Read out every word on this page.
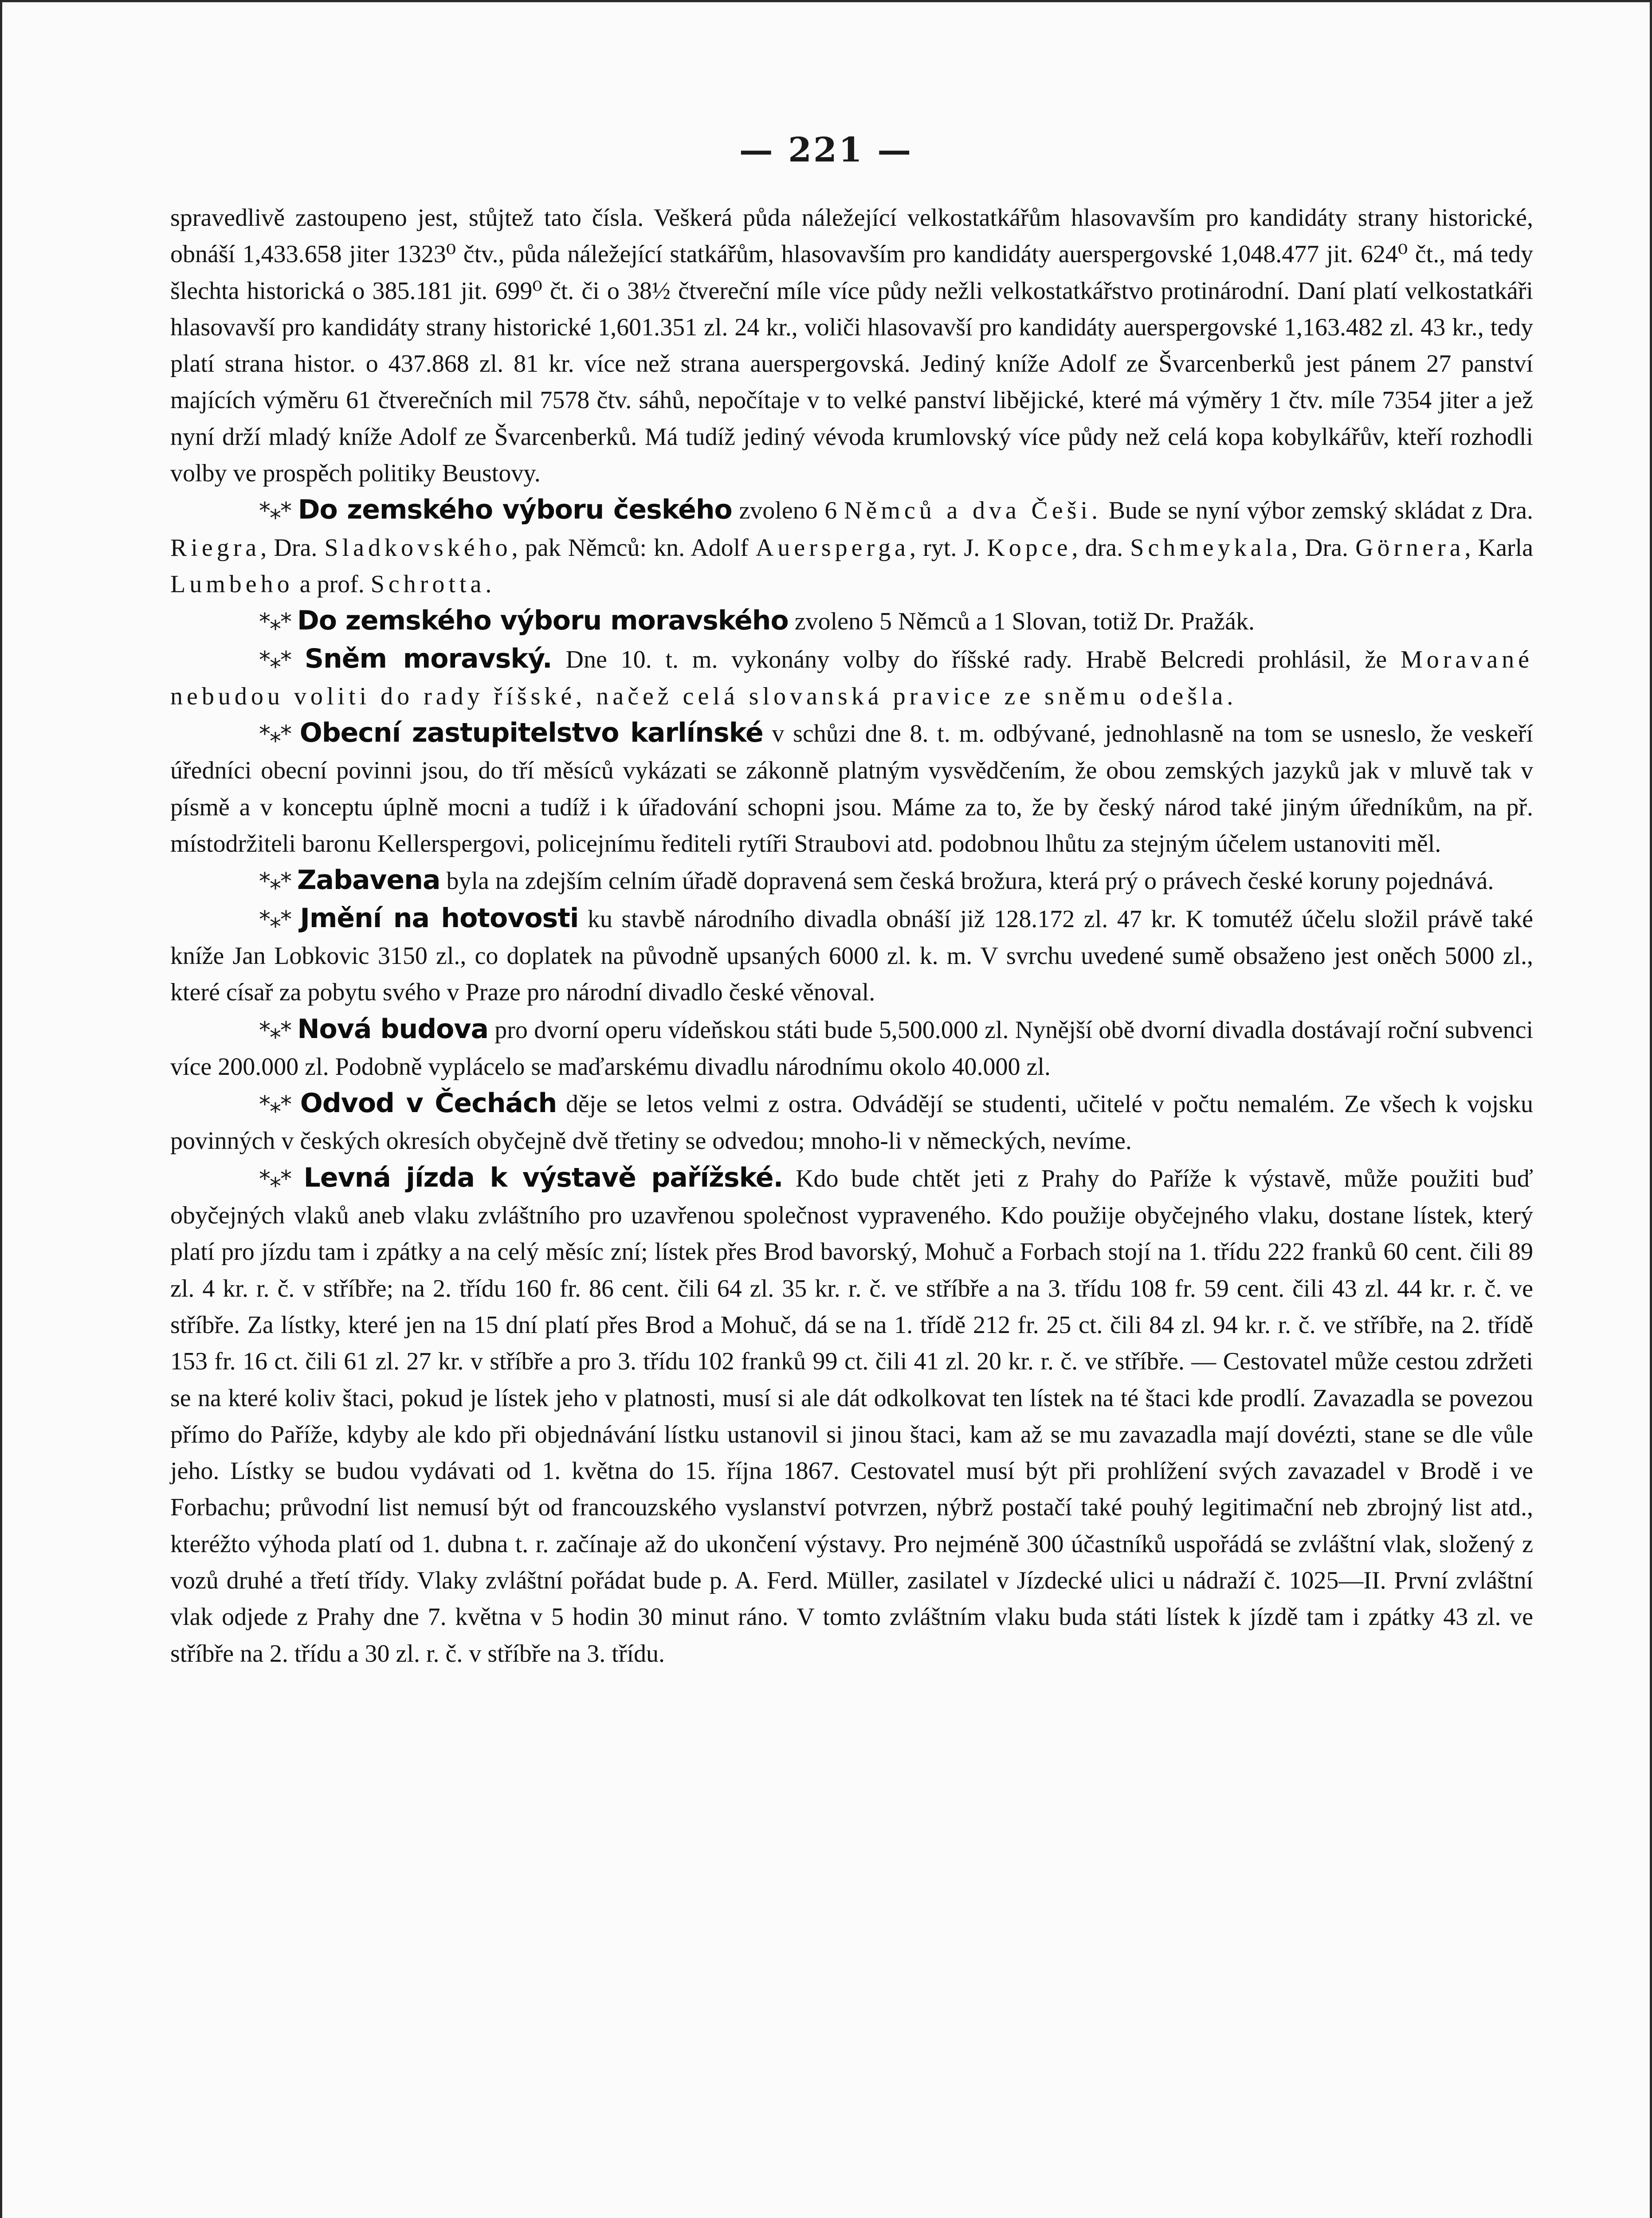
— 221 —

spravedlivě zastoupeno jest, stůjtež tato čísla. Veškerá půda náležející velkostatkářům hlasovavším pro kandidáty strany historické, obnáší 1,433.658 jiter 1323⁰ čtv., půda náležející statkářům, hlasovavším pro kandidáty auerspergovské 1,048.477 jit. 624⁰ čt., má tedy šlechta historická o 385.181 jit. 699⁰ čt. či o 38½ čtvereční míle více půdy nežli velkostatkářstvo protinárodní. Daní platí velkostatkáři hlasovavší pro kandidáty strany historické 1,601.351 zl. 24 kr., voliči hlasovavší pro kandidáty auerspergovské 1,163.482 zl. 43 kr., tedy platí strana histor. o 437.868 zl. 81 kr. více než strana auerspergovská. Jediný kníže Adolf ze Švarcenberků jest pánem 27 panství majících výměru 61 čtverečních mil 7578 čtv. sáhů, nepočítaje v to velké panství libějické, které má výměry 1 čtv. míle 7354 jiter a jež nyní drží mladý kníže Adolf ze Švarcenberků. Má tudíž jediný vévoda krumlovský více půdy než celá kopa kobylkářův, kteří rozhodli volby ve prospěch politiky Beustovy.

*⁎* Do zemského výboru českého zvoleno 6 Němců a dva Češi. Bude se nyní výbor zemský skládat z Dra. Riegra, Dra. Sladkovského, pak Němců: kn. Adolf Auersperga, ryt. J. Kopce, dra. Schmeykala, Dra. Görnera, Karla Lumbeho a prof. Schrotta.

*⁎* Do zemského výboru moravského zvoleno 5 Němců a 1 Slovan, totiž Dr. Pražák.

*⁎* Sněm moravský. Dne 10. t. m. vykonány volby do říšské rady. Hrabě Belcredi prohlásil, že Moravané nebudou voliti do rady říšské, načež celá slovanská pravice ze sněmu odešla.

*⁎* Obecní zastupitelstvo karlínské v schůzi dne 8. t. m. odbývané, jednohlasně na tom se usneslo, že veskeří úředníci obecní povinni jsou, do tří měsíců vykázati se zákonně platným vysvědčením, že obou zemských jazyků jak v mluvě tak v písmě a v konceptu úplně mocni a tudíž i k úřadování schopni jsou. Máme za to, že by český národ také jiným úředníkům, na př. místodržiteli baronu Kellerspergovi, policejnímu řediteli rytíři Straubovi atd. podobnou lhůtu za stejným účelem ustanoviti měl.

*⁎* Zabavena byla na zdejším celním úřadě dopravená sem česká brožura, která prý o právech české koruny pojednává.

*⁎* Jmění na hotovosti ku stavbě národního divadla obnáší již 128.172 zl. 47 kr. K tomutéž účelu složil právě také kníže Jan Lobkovic 3150 zl., co doplatek na původně upsaných 6000 zl. k. m. V svrchu uvedené sumě obsaženo jest oněch 5000 zl., které císař za pobytu svého v Praze pro národní divadlo české věnoval.

*⁎* Nová budova pro dvorní operu vídeňskou státi bude 5,500.000 zl. Nynější obě dvorní divadla dostávají roční subvenci více 200.000 zl. Podobně vyplácelo se maďarskému divadlu národnímu okolo 40.000 zl.

*⁎* Odvod v Čechách děje se letos velmi z ostra. Odvádějí se studenti, učitelé v počtu nemalém. Ze všech k vojsku povinných v českých okresích obyčejně dvě třetiny se odvedou; mnoho-li v německých, nevíme.

*⁎* Levná jízda k výstavě pařížské. Kdo bude chtět jeti z Prahy do Paříže k výstavě, může použiti buď obyčejných vlaků aneb vlaku zvláštního pro uzavřenou společnost vypraveného. Kdo použije obyčejného vlaku, dostane lístek, který platí pro jízdu tam i zpátky a na celý měsíc zní; lístek přes Brod bavorský, Mohuč a Forbach stojí na 1. třídu 222 franků 60 cent. čili 89 zl. 4 kr. r. č. v stříbře; na 2. třídu 160 fr. 86 cent. čili 64 zl. 35 kr. r. č. ve stříbře a na 3. třídu 108 fr. 59 cent. čili 43 zl. 44 kr. r. č. ve stříbře. Za lístky, které jen na 15 dní platí přes Brod a Mohuč, dá se na 1. třídě 212 fr. 25 ct. čili 84 zl. 94 kr. r. č. ve stříbře, na 2. třídě 153 fr. 16 ct. čili 61 zl. 27 kr. v stříbře a pro 3. třídu 102 franků 99 ct. čili 41 zl. 20 kr. r. č. ve stříbře. — Cestovatel může cestou zdržeti se na které koliv štaci, pokud je lístek jeho v platnosti, musí si ale dát odkolkovat ten lístek na té štaci kde prodlí. Zavazadla se povezou přímo do Paříže, kdyby ale kdo při objednávání lístku ustanovil si jinou štaci, kam až se mu zavazadla mají dovézti, stane se dle vůle jeho. Lístky se budou vydávati od 1. května do 15. října 1867. Cestovatel musí být při prohlížení svých zavazadel v Brodě i ve Forbachu; průvodní list nemusí být od francouzského vyslanství potvrzen, nýbrž postačí také pouhý legitimační neb zbrojný list atd., kteréžto výhoda platí od 1. dubna t. r. začínaje až do ukončení výstavy. Pro nejméně 300 účastníků uspořádá se zvláštní vlak, složený z vozů druhé a třetí třídy. Vlaky zvláštní pořádat bude p. A. Ferd. Müller, zasilatel v Jízdecké ulici u nádraží č. 1025—II. První zvláštní vlak odjede z Prahy dne 7. května v 5 hodin 30 minut ráno. V tomto zvláštním vlaku buda státi lístek k jízdě tam i zpátky 43 zl. ve stříbře na 2. třídu a 30 zl. r. č. v stříbře na 3. třídu.
